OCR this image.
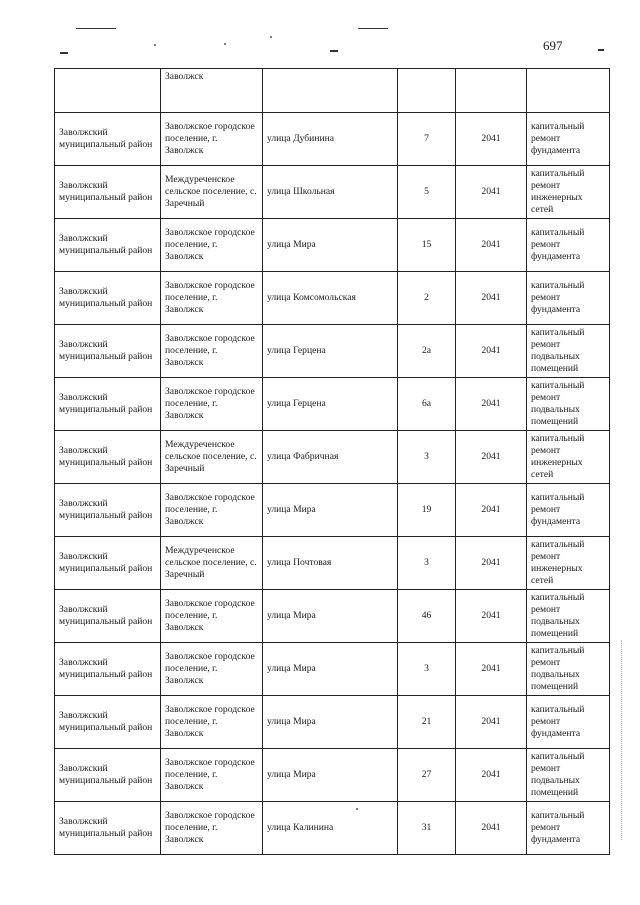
697
	Заволжск				
Заволжский муниципальный район	Заволжское городское поселение, г. Заволжск	улица Дубинина	7	2041	капитальный ремонт фундамента
Заволжский муниципальный район	Междуреченское сельское поселение, с. Заречный	улица Школьная	5	2041	капитальный ремонт инженерных сетей
Заволжский муниципальный район	Заволжское городское поселение, г. Заволжск	улица Мира	15	2041	капитальный ремонт фундамента
Заволжский муниципальный район	Заволжское городское поселение, г. Заволжск	улица Комсомольская	2	2041	капитальный ремонт фундамента
Заволжский муниципальный район	Заволжское городское поселение, г. Заволжск	улица Герцена	2а	2041	капитальный ремонт подвальных помещений
Заволжский муниципальный район	Заволжское городское поселение, г. Заволжск	улица Герцена	6а	2041	капитальный ремонт подвальных помещений
Заволжский муниципальный район	Междуреченское сельское поселение, с. Заречный	улица Фабричная	3	2041	капитальный ремонт инженерных сетей
Заволжский муниципальный район	Заволжское городское поселение, г. Заволжск	улица Мира	19	2041	капитальный ремонт фундамента
Заволжский муниципальный район	Междуреченское сельское поселение, с. Заречный	улица Почтовая	3	2041	капитальный ремонт инженерных сетей
Заволжский муниципальный район	Заволжское городское поселение, г. Заволжск	улица Мира	46	2041	капитальный ремонт подвальных помещений
Заволжский муниципальный район	Заволжское городское поселение, г. Заволжск	улица Мира	3	2041	капитальный ремонт подвальных помещений
Заволжский муниципальный район	Заволжское городское поселение, г. Заволжск	улица Мира	21	2041	капитальный ремонт фундамента
Заволжский муниципальный район	Заволжское городское поселение, г. Заволжск	улица Мира	27	2041	капитальный ремонт подвальных помещений
Заволжский муниципальный район	Заволжское городское поселение, г. Заволжск	улица Калинина	31	2041	капитальный ремонт фундамента
